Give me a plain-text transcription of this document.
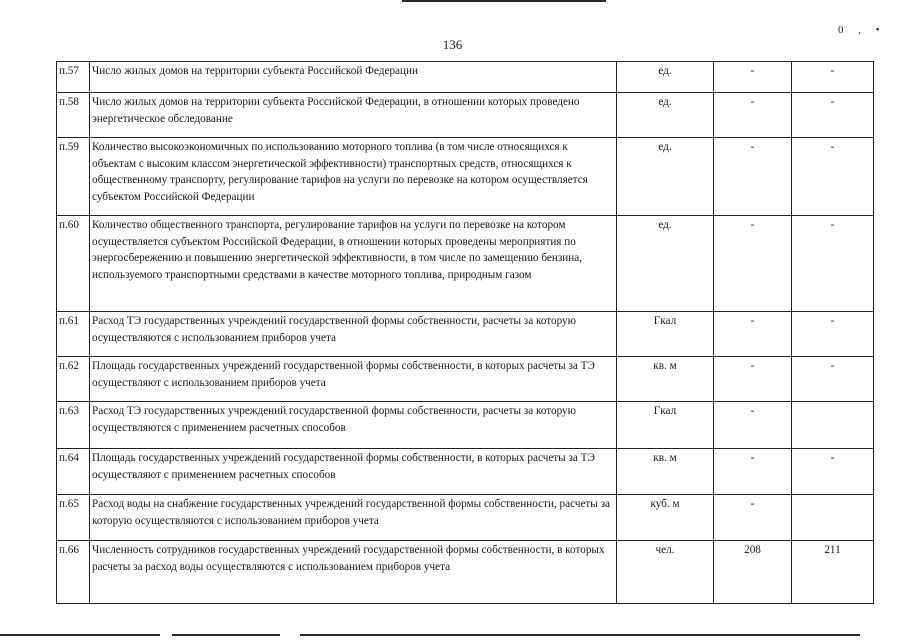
0 , •
136
п.57	Число жилых домов на территории субъекта Российской Федерации	ед.	-	-
п.58	Число жилых домов на территории субъекта Российской Федерации, в отношении которых проведено энергетическое обследование	ед.	-	-
п.59	Количество высокоэкономичных по использованию моторного топлива (в том числе относящихся к объектам с высоким классом энергетической эффективности) транспортных средств, относящихся к общественному транспорту, регулирование тарифов на услуги по перевозке на котором осуществляется субъектом Российской Федерации	ед.	-	-
п.60	Количество общественного транспорта, регулирование тарифов на услуги по перевозке на котором осуществляется субъектом Российской Федерации, в отношении которых проведены мероприятия по энергосбережению и повышению энергетической эффективности, в том числе по замещению бензина, используемого транспортными средствами в качестве моторного топлива, природным газом	ед.	-	-
п.61	Расход ТЭ государственных учреждений государственной формы собственности, расчеты за которую осуществляются с использованием приборов учета	Гкал	-	-
п.62	Площадь государственных учреждений государственной формы собственности, в которых расчеты за ТЭ осуществляют с использованием приборов учета	кв. м	-	-
п.63	Расход ТЭ государственных учреждений государственной формы собственности, расчеты за которую осуществляются с применением расчетных способов	Гкал	-	
п.64	Площадь государственных учреждений государственной формы собственности, в которых расчеты за ТЭ осуществляют с применением расчетных способов	кв. м	-	-
п.65	Расход воды на снабжение государственных учреждений государственной формы собственности, расчеты за которую осуществляются с использованием приборов учета	куб. м	-	
п.66	Численность сотрудников государственных учреждений государственной формы собственности, в которых расчеты за расход воды осуществляются с использованием приборов учета	чел.	208	211
